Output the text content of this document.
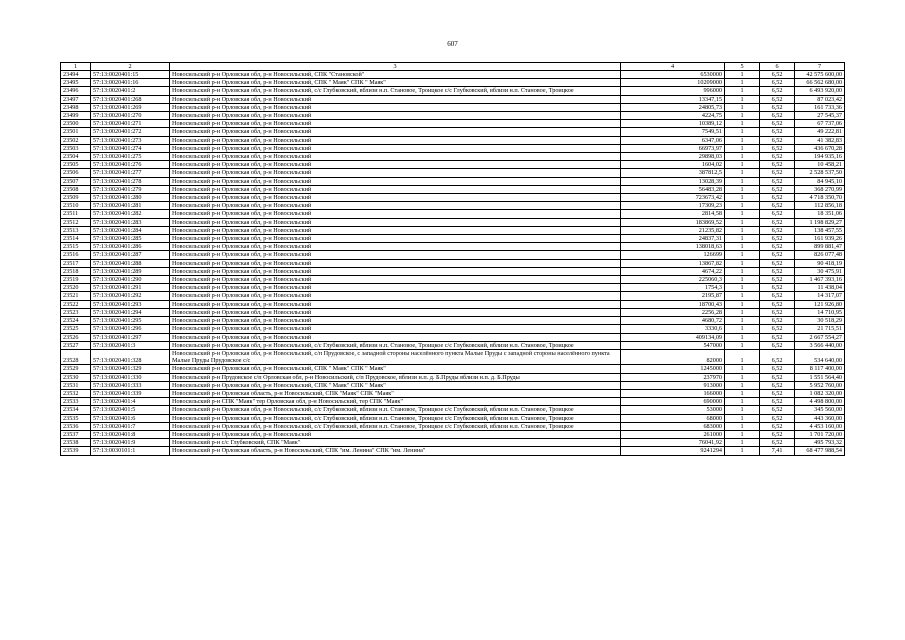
607
1	2	3	4	5	6	7
23494	57:13:0020401:15	Новосильский р-н Орловская обл, р-н Новосильский, СПК "Становской"	6530000	1	6,52	42 575 600,00
23495	57:13:0020401:16	Новосильский р-н Орловская обл, р-н Новосильский, СПК " Маяк" СПК " Маяк"	10209000	1	6,52	66 562 680,00
23496	57:13:0020401:2	Новосильский р-н Орловская обл, р-н Новосильский, с/с Глубковский, вблизи н.п. Становое, Троицкое с/с Глубковский, вблизи н.п. Становое, Троицкое	996000	1	6,52	6 493 920,00
23497	57:13:0020401:268	Новосильский р-н Орловская обл, р-н Новосильский	13347,15	1	6,52	87 023,42
23498	57:13:0020401:269	Новосильский р-н Орловская обл, р-н Новосильский	24805,73	1	6,52	161 733,36
23499	57:13:0020401:270	Новосильский р-н Орловская обл, р-н Новосильский	4224,75	1	6,52	27 545,37
23500	57:13:0020401:271	Новосильский р-н Орловская обл, р-н Новосильский	10389,12	1	6,52	67 737,06
23501	57:13:0020401:272	Новосильский р-н Орловская обл, р-н Новосильский	7549,51	1	6,52	49 222,81
23502	57:13:0020401:273	Новосильский р-н Орловская обл, р-н Новосильский	6347,06	1	6,52	41 382,83
23503	57:13:0020401:274	Новосильский р-н Орловская обл, р-н Новосильский	66973,97	1	6,52	436 670,28
23504	57:13:0020401:275	Новосильский р-н Орловская обл, р-н Новосильский	29898,03	1	6,52	194 935,16
23505	57:13:0020401:276	Новосильский р-н Орловская обл, р-н Новосильский	1604,02	1	6,52	10 458,21
23506	57:13:0020401:277	Новосильский р-н Орловская обл, р-н Новосильский	387812,5	1	6,52	2 528 537,50
23507	57:13:0020401:278	Новосильский р-н Орловская обл, р-н Новосильский	13028,39	1	6,52	84 945,10
23508	57:13:0020401:279	Новосильский р-н Орловская обл, р-н Новосильский	56483,28	1	6,52	368 270,99
23509	57:13:0020401:280	Новосильский р-н Орловская обл, р-н Новосильский	723673,42	1	6,52	4 718 350,70
23510	57:13:0020401:281	Новосильский р-н Орловская обл, р-н Новосильский	17309,23	1	6,52	112 856,18
23511	57:13:0020401:282	Новосильский р-н Орловская обл, р-н Новосильский	2814,58	1	6,52	18 351,06
23512	57:13:0020401:283	Новосильский р-н Орловская обл, р-н Новосильский	183869,52	1	6,52	1 198 829,27
23513	57:13:0020401:284	Новосильский р-н Орловская обл, р-н Новосильский	21235,82	1	6,52	138 457,55
23514	57:13:0020401:285	Новосильский р-н Орловская обл, р-н Новосильский	24837,31	1	6,52	161 939,26
23515	57:13:0020401:286	Новосильский р-н Орловская обл, р-н Новосильский	138018,63	1	6,52	899 881,47
23516	57:13:0020401:287	Новосильский р-н Орловская обл, р-н Новосильский	126699	1	6,52	826 077,48
23517	57:13:0020401:288	Новосильский р-н Орловская обл, р-н Новосильский	13867,82	1	6,52	90 418,19
23518	57:13:0020401:289	Новосильский р-н Орловская обл, р-н Новосильский	4674,22	1	6,52	30 475,91
23519	57:13:0020401:290	Новосильский р-н Орловская обл, р-н Новосильский	225060,3	1	6,52	1 467 393,16
23520	57:13:0020401:291	Новосильский р-н Орловская обл, р-н Новосильский	1754,3	1	6,52	11 438,04
23521	57:13:0020401:292	Новосильский р-н Орловская обл, р-н Новосильский	2195,87	1	6,52	14 317,07
23522	57:13:0020401:293	Новосильский р-н Орловская обл, р-н Новосильский	18700,43	1	6,52	121 926,80
23523	57:13:0020401:294	Новосильский р-н Орловская обл, р-н Новосильский	2256,28	1	6,52	14 710,95
23524	57:13:0020401:295	Новосильский р-н Орловская обл, р-н Новосильский	4680,72	1	6,52	30 518,29
23525	57:13:0020401:296	Новосильский р-н Орловская обл, р-н Новосильский	3330,6	1	6,52	21 715,51
23526	57:13:0020401:297	Новосильский р-н Орловская обл, р-н Новосильский	409134,09	1	6,52	2 667 554,27
23527	57:13:0020401:3	Новосильский р-н Орловская обл, р-н Новосильский, с/с Глубковский, вблизи н.п. Становое, Троицкое с/с Глубковский, вблизи н.п. Становое, Троицкое	547000	1	6,52	3 566 440,00
23528	57:13:0020401:328	Новосильский р-н Орловская обл, р-н Новосильский, с/п Прудовское, с западной стороны населённого пункта Малые Пруды с западной стороны населённого пункта Малые Пруды Прудовское с/с	82000	1	6,52	534 640,00
23529	57:13:0020401:329	Новосильский р-н Орловская обл, р-н Новосильский, СПК " Маяк" СПК " Маяк"	1245000	1	6,52	8 117 400,00
23530	57:13:0020401:330	Новосильский р-н Прудовское с/п Орловская обл, р-н Новосильский, с/п Прудовское, вблизи н.п. д. Б.Пруды вблизи н.п. д. Б.Пруды	237970	1	6,52	1 551 564,40
23531	57:13:0020401:333	Новосильский р-н Орловская обл, р-н Новосильский, СПК " Маяк" СПК " Маяк"	913000	1	6,52	5 952 760,00
23532	57:13:0020401:339	Новосильский р-н Орловская область, р-н Новосильский, СПК "Маяк" СПК "Маяк"	166000	1	6,52	1 082 320,00
23533	57:13:0020401:4	Новосильский р-н СПК "Маяк" тер Орловская обл, р-н Новосильский, тер СПК "Маяк"	690000	1	6,52	4 498 800,00
23534	57:13:0020401:5	Новосильский р-н Орловская обл, р-н Новосильский, с/с Глубковский, вблизи н.п. Становое, Троицкое с/с Глубковский, вблизи н.п. Становое, Троицкое	53000	1	6,52	345 560,00
23535	57:13:0020401:6	Новосильский р-н Орловская обл, р-н Новосильский, с/с Глубковский, вблизи н.п. Становое, Троицкое с/с Глубковский, вблизи н.п. Становое, Троицкое	68000	1	6,52	443 360,00
23536	57:13:0020401:7	Новосильский р-н Орловская обл, р-н Новосильский, с/с Глубковский, вблизи н.п. Становое, Троицкое с/с Глубковский, вблизи н.п. Становое, Троицкое	683000	1	6,52	4 453 160,00
23537	57:13:0020401:8	Новосильский р-н Орловская обл, р-н Новосильский	261000	1	6,52	1 701 720,00
23538	57:13:0020401:9	Новосильский р-н с/с Глубковский, СПК "Маяк"	76041,92	1	6,52	495 793,32
23539	57:13:0030101:1	Новосильский р-н Орловская область, р-н Новосильский, СПК "им. Ленина" СПК "им. Ленина"	9241294	1	7,41	68 477 988,54
